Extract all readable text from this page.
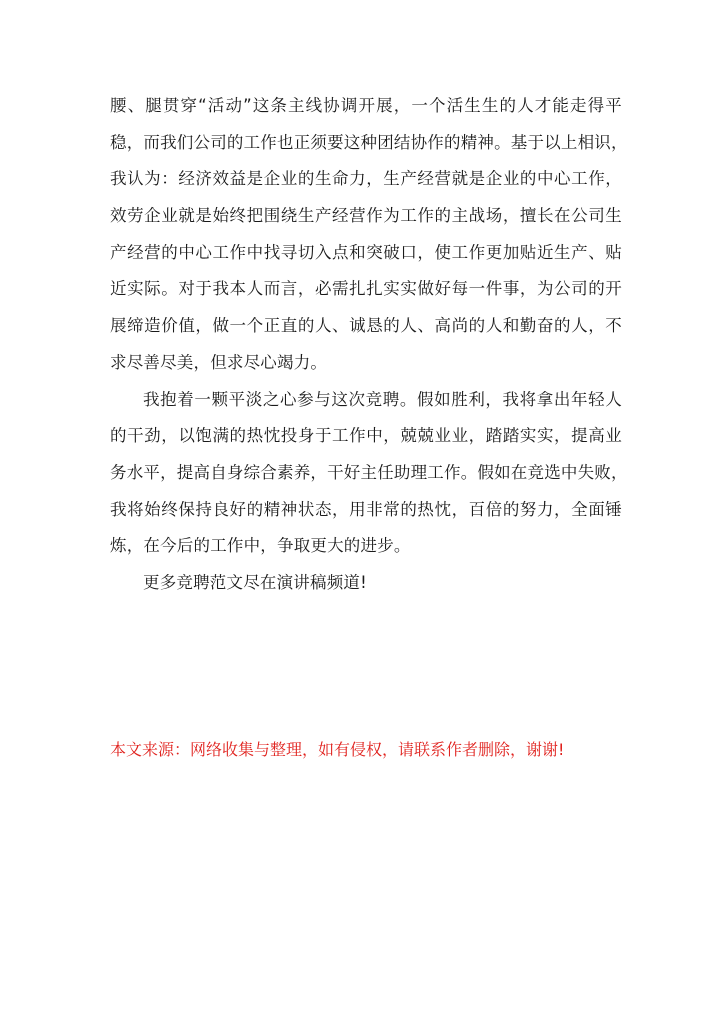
腰、腿贯穿“活动”这条主线协调开展，一个活生生的人才能走得平
稳，而我们公司的工作也正须要这种团结协作的精神。基于以上相识，
我认为：经济效益是企业的生命力，生产经营就是企业的中心工作，
效劳企业就是始终把围绕生产经营作为工作的主战场，擅长在公司生
产经营的中心工作中找寻切入点和突破口，使工作更加贴近生产、贴
近实际。对于我本人而言，必需扎扎实实做好每一件事，为公司的开
展缔造价值，做一个正直的人、诚恳的人、高尚的人和勤奋的人，不
求尽善尽美，但求尽心竭力。
我抱着一颗平淡之心参与这次竞聘。假如胜利，我将拿出年轻人
的干劲，以饱满的热忱投身于工作中，兢兢业业，踏踏实实，提高业
务水平，提高自身综合素养，干好主任助理工作。假如在竞选中失败，
我将始终保持良好的精神状态，用非常的热忱，百倍的努力，全面锤
炼，在今后的工作中，争取更大的进步。
更多竞聘范文尽在演讲稿频道!
本文来源：网络收集与整理，如有侵权，请联系作者删除，谢谢!
